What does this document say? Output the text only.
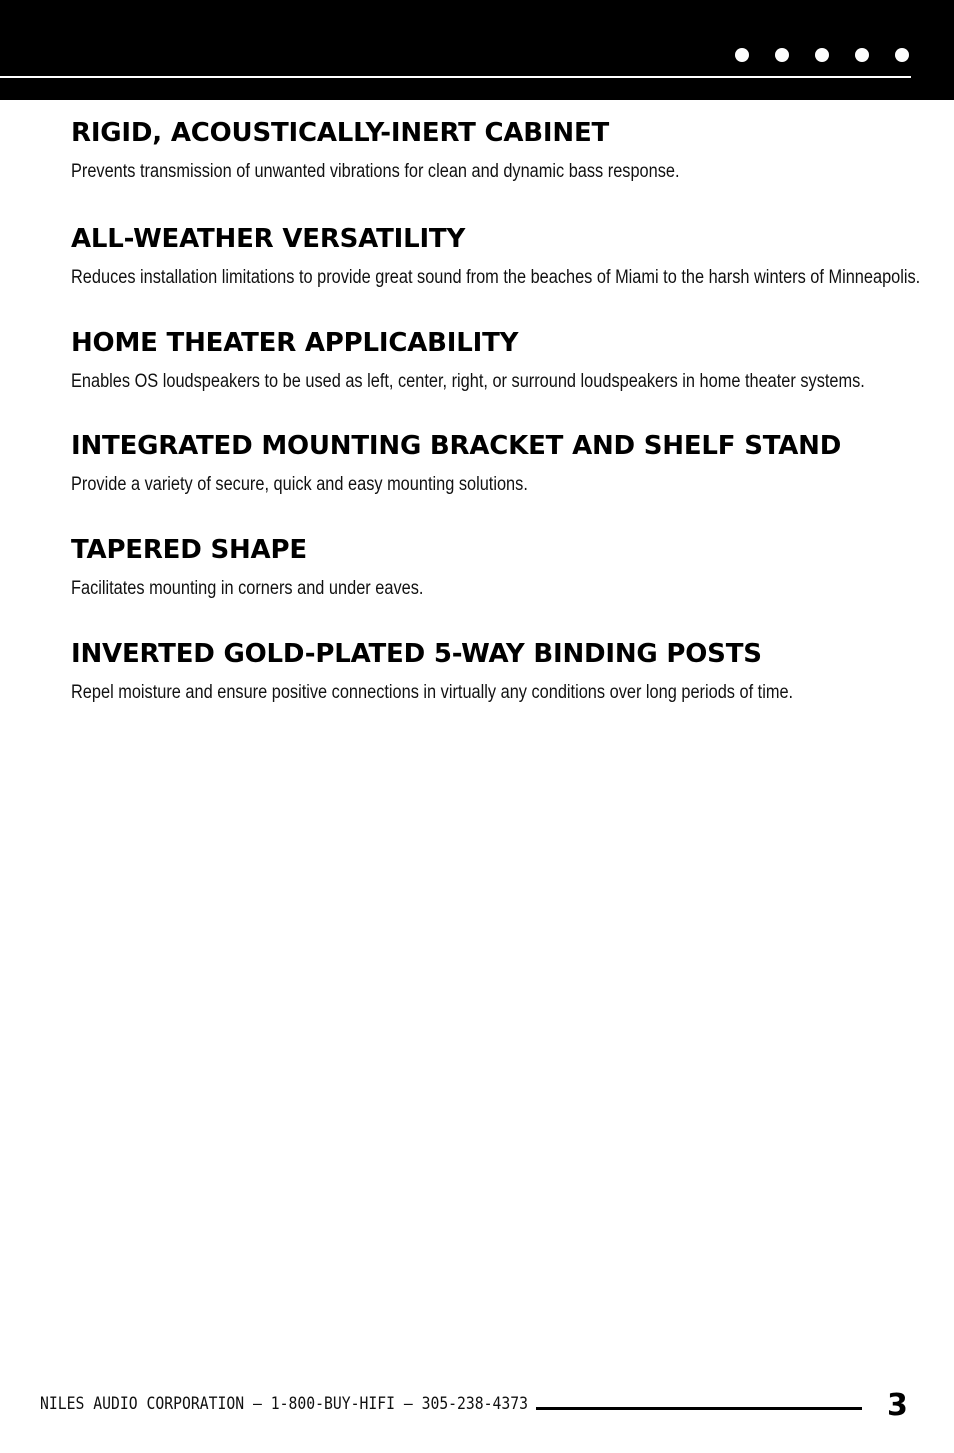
RIGID, ACOUSTICALLY-INERT CABINET

Prevents transmission of unwanted vibrations for clean and dynamic bass response.

ALL-WEATHER VERSATILITY

Reduces installation limitations to provide great sound from the beaches of Miami to the harsh winters of Minneapolis.

HOME THEATER APPLICABILITY

Enables OS loudspeakers to be used as left, center, right, or surround loudspeakers in home theater systems.

INTEGRATED MOUNTING BRACKET AND SHELF STAND

Provide a variety of secure, quick and easy mounting solutions.

TAPERED SHAPE

Facilitates mounting in corners and under eaves.

INVERTED GOLD-PLATED 5-WAY BINDING POSTS

Repel moisture and ensure positive connections in virtually any conditions over long periods of time.

NILES AUDIO CORPORATION – 1-800-BUY-HIFI – 305-238-4373	3
